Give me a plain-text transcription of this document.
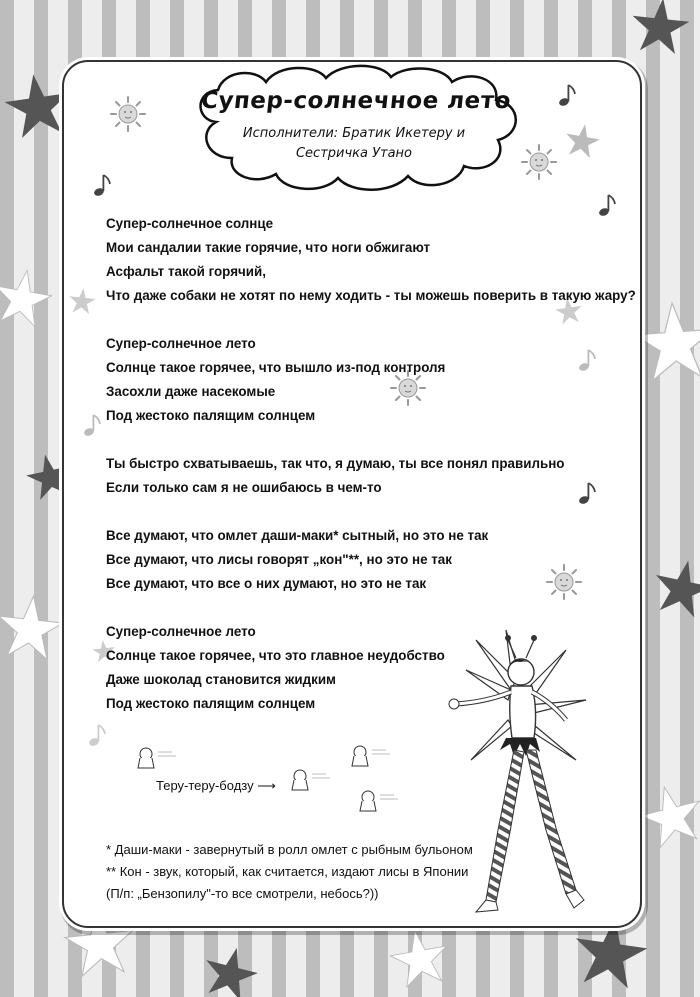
Супер-солнечное лето
Исполнители: Братик Икетеру и
Сестричка Утано
Супер-солнечное солнце
Мои сандалии такие горячие, что ноги обжигают
Асфальт такой горячий,
Что даже собаки не хотят по нему ходить - ты можешь поверить в такую жару?
Супер-солнечное лето
Солнце такое горячее, что вышло из-под контроля
Засохли даже насекомые
Под жестоко палящим солнцем
Ты быстро схватываешь, так что, я думаю, ты все понял правильно
Если только сам я не ошибаюсь в чем-то
Все думают, что омлет даши-маки* сытный, но это не так
Все думают, что лисы говорят „кон"**, но это не так
Все думают, что все о них думают, но это не так
Супер-солнечное лето
Солнце такое горячее, что это главное неудобство
Даже шоколад становится жидким
Под жестоко палящим солнцем
Теру-теру-бодзу ⟶
* Даши-маки - завернутый в ролл омлет с рыбным бульоном
** Кон - звук, который, как считается, издают лисы в Японии
(П/п: „Бензопилу"-то все смотрели, небось?))
